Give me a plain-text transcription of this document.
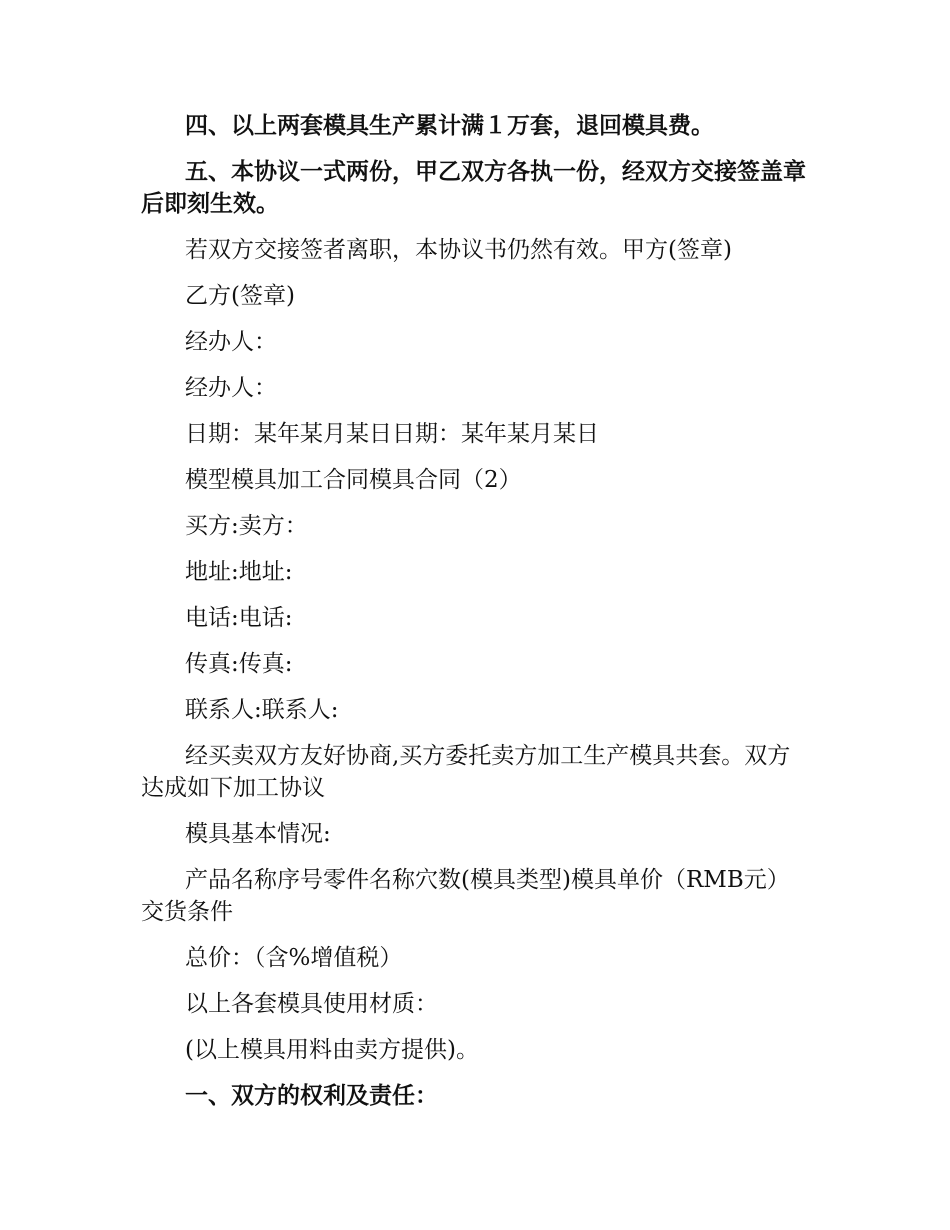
四、以上两套模具生产累计满１万套，退回模具费。

五、本协议一式两份，甲乙双方各执一份，经双方交接签盖章后即刻生效。

若双方交接签者离职，本协议书仍然有效。甲方(签章)

乙方(签章)

经办人：

经办人：

日期：某年某月某日日期：某年某月某日

模型模具加工合同模具合同（2）

买方:卖方：

地址:地址:

电话:电话:

传真:传真:

联系人:联系人:

经买卖双方友好协商,买方委托卖方加工生产模具共套。双方达成如下加工协议

模具基本情况:

产品名称序号零件名称穴数(模具类型)模具单价（RMB元）交货条件

总价：（含%增值税）

以上各套模具使用材质：

(以上模具用料由卖方提供)。

一、双方的权利及责任：
